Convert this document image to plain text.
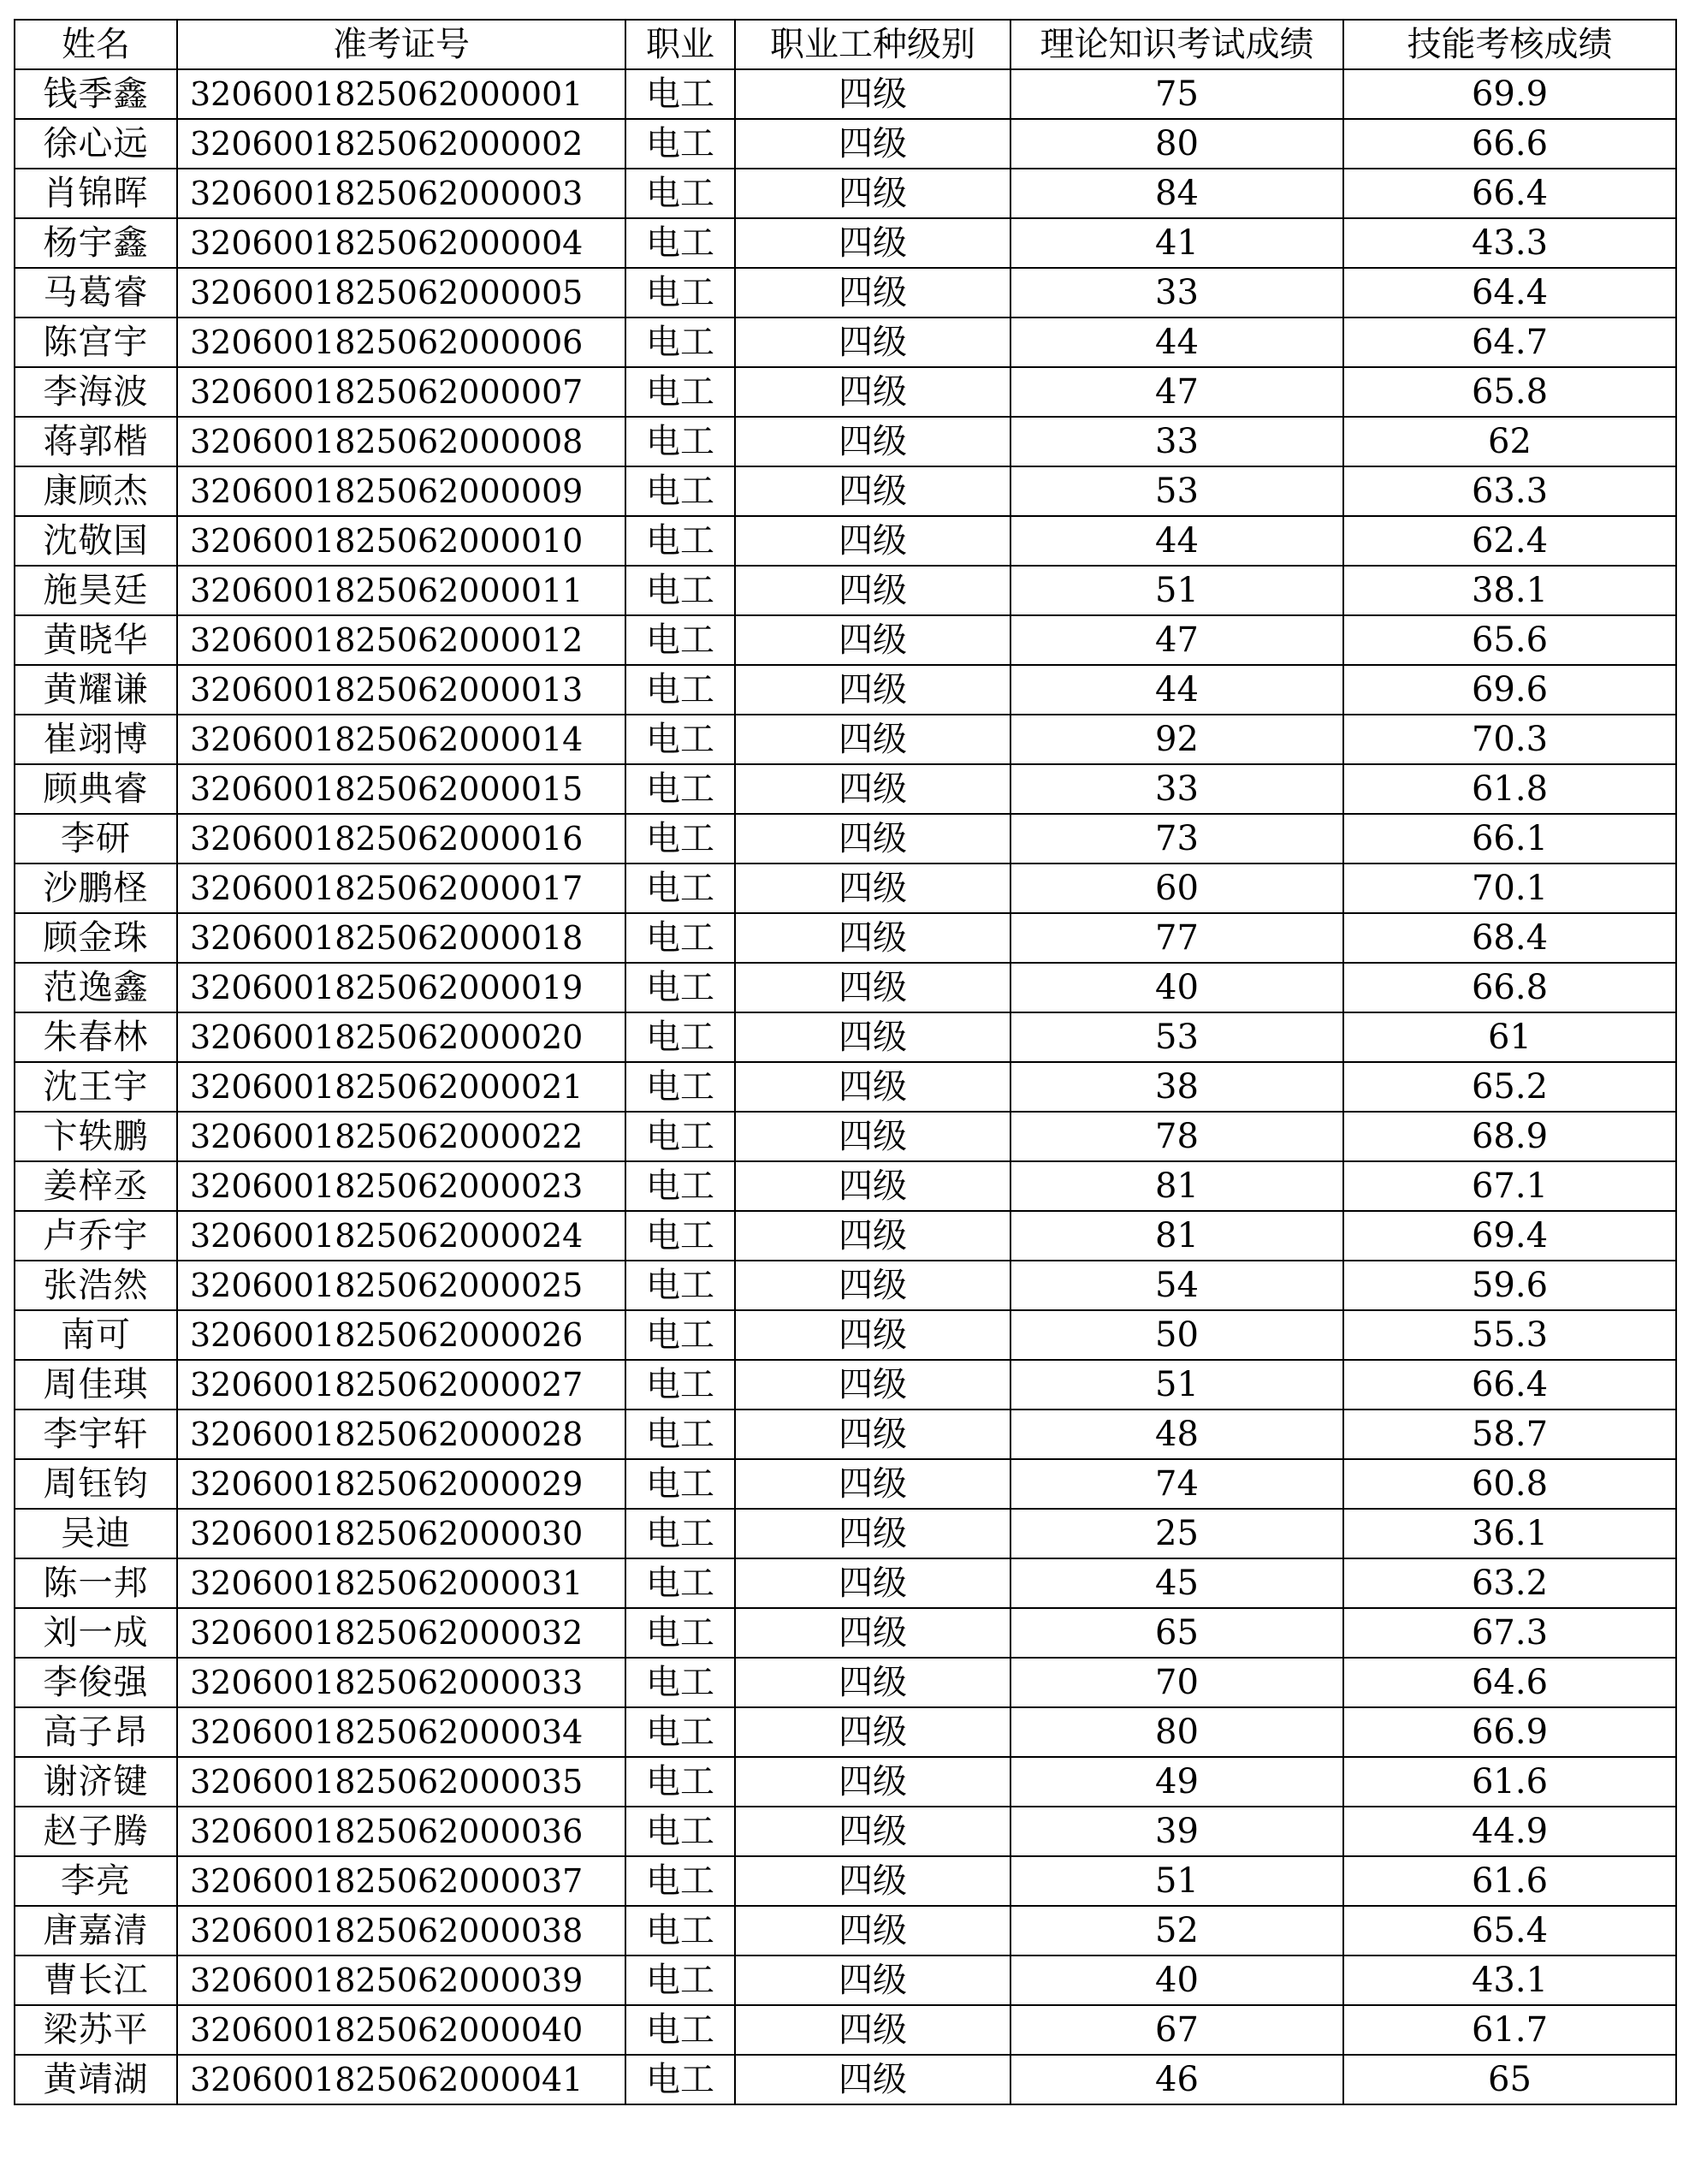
姓名	准考证号	职业	职业工种级别	理论知识考试成绩	技能考核成绩
钱季鑫	3206001825062000001	电工	四级	75	69.9
徐心远	3206001825062000002	电工	四级	80	66.6
肖锦晖	3206001825062000003	电工	四级	84	66.4
杨宇鑫	3206001825062000004	电工	四级	41	43.3
马葛睿	3206001825062000005	电工	四级	33	64.4
陈宫宇	3206001825062000006	电工	四级	44	64.7
李海波	3206001825062000007	电工	四级	47	65.8
蒋郭楷	3206001825062000008	电工	四级	33	62
康顾杰	3206001825062000009	电工	四级	53	63.3
沈敬国	3206001825062000010	电工	四级	44	62.4
施昊廷	3206001825062000011	电工	四级	51	38.1
黄晓华	3206001825062000012	电工	四级	47	65.6
黄耀谦	3206001825062000013	电工	四级	44	69.6
崔翊博	3206001825062000014	电工	四级	92	70.3
顾典睿	3206001825062000015	电工	四级	33	61.8
李研	3206001825062000016	电工	四级	73	66.1
沙鹏柽	3206001825062000017	电工	四级	60	70.1
顾金珠	3206001825062000018	电工	四级	77	68.4
范逸鑫	3206001825062000019	电工	四级	40	66.8
朱春林	3206001825062000020	电工	四级	53	61
沈王宇	3206001825062000021	电工	四级	38	65.2
卞轶鹏	3206001825062000022	电工	四级	78	68.9
姜梓丞	3206001825062000023	电工	四级	81	67.1
卢乔宇	3206001825062000024	电工	四级	81	69.4
张浩然	3206001825062000025	电工	四级	54	59.6
南可	3206001825062000026	电工	四级	50	55.3
周佳琪	3206001825062000027	电工	四级	51	66.4
李宇轩	3206001825062000028	电工	四级	48	58.7
周钰钧	3206001825062000029	电工	四级	74	60.8
吴迪	3206001825062000030	电工	四级	25	36.1
陈一邦	3206001825062000031	电工	四级	45	63.2
刘一成	3206001825062000032	电工	四级	65	67.3
李俊强	3206001825062000033	电工	四级	70	64.6
高子昂	3206001825062000034	电工	四级	80	66.9
谢济键	3206001825062000035	电工	四级	49	61.6
赵子腾	3206001825062000036	电工	四级	39	44.9
李亮	3206001825062000037	电工	四级	51	61.6
唐嘉清	3206001825062000038	电工	四级	52	65.4
曹长江	3206001825062000039	电工	四级	40	43.1
梁苏平	3206001825062000040	电工	四级	67	61.7
黄靖湖	3206001825062000041	电工	四级	46	65
